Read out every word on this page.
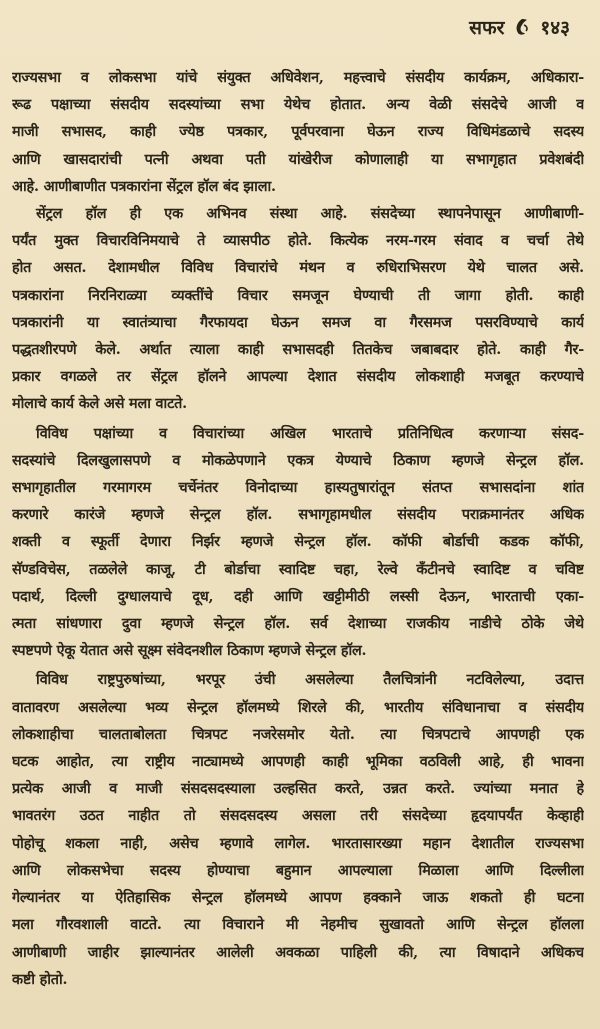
सफर १४३
राज्यसभा व लोकसभा यांचे संयुक्त अधिवेशन, महत्त्वाचे संसदीय कार्यक्रम, अधिकारा-
रूढ पक्षाच्या संसदीय सदस्यांच्या सभा येथेच होतात. अन्य वेळी संसदेचे आजी व
माजी सभासद, काही ज्येष्ठ पत्रकार, पूर्वपरवाना घेऊन राज्य विधिमंडळाचे सदस्य
आणि खासदारांची पत्नी अथवा पती यांखेरीज कोणालाही या सभागृहात प्रवेशबंदी
आहे. आणीबाणीत पत्रकारांना सेंट्रल हॉल बंद झाला.
सेंट्रल हॉल ही एक अभिनव संस्था आहे. संसदेच्या स्थापनेपासून आणीबाणी-
पर्यंत मुक्त विचारविनिमयाचे ते व्यासपीठ होते. कित्येक नरम-गरम संवाद व चर्चा तेथे
होत असत. देशामधील विविध विचारांचे मंथन व रुधिराभिसरण येथे चालत असे.
पत्रकारांना निरनिराळ्या व्यक्तींचे विचार समजून घेण्याची ती जागा होती. काही
पत्रकारांनी या स्वातंत्र्याचा गैरफायदा घेऊन समज वा गैरसमज पसरविण्याचे कार्य
पद्धतशीरपणे केले. अर्थात त्याला काही सभासदही तितकेच जबाबदार होते. काही गैर-
प्रकार वगळले तर सेंट्रल हॉलने आपल्या देशात संसदीय लोकशाही मजबूत करण्याचे
मोलाचे कार्य केले असे मला वाटते.
विविध पक्षांच्या व विचारांच्या अखिल भारताचे प्रतिनिधित्व करणाऱ्या संसद-
सदस्यांचे दिलखुलासपणे व मोकळेपणाने एकत्र येण्याचे ठिकाण म्हणजे सेन्ट्रल हॉल.
सभागृहातील गरमागरम चर्चेनंतर विनोदाच्या हास्यतुषारांतून संतप्त सभासदांना शांत
करणारे कारंजे म्हणजे सेन्ट्रल हॉल. सभागृहामधील संसदीय पराक्रमानंतर अधिक
शक्ती व स्फूर्ती देणारा निर्झर म्हणजे सेन्ट्रल हॉल. कॉफी बोर्डाची कडक कॉफी,
सॅण्डविचेस, तळलेले काजू, टी बोर्डाचा स्वादिष्ट चहा, रेल्वे कँटीनचे स्वादिष्ट व चविष्ट
पदार्थ, दिल्ली दुग्धालयाचे दूध, दही आणि खट्टीमीठी लस्सी देऊन, भारताची एका-
त्मता सांधणारा दुवा म्हणजे सेन्ट्रल हॉल. सर्व देशाच्या राजकीय नाडीचे ठोके जेथे
स्पष्टपणे ऐकू येतात असे सूक्ष्म संवेदनशील ठिकाण म्हणजे सेन्ट्रल हॉल.
विविध राष्ट्रपुरुषांच्या, भरपूर उंची असलेल्या तैलचित्रांनी नटविलेल्या, उदात्त
वातावरण असलेल्या भव्य सेन्ट्रल हॉलमध्ये शिरले की, भारतीय संविधानाचा व संसदीय
लोकशाहीचा चालताबोलता चित्रपट नजरेसमोर येतो. त्या चित्रपटाचे आपणही एक
घटक आहोत, त्या राष्ट्रीय नाट्यामध्ये आपणही काही भूमिका वठविली आहे, ही भावना
प्रत्येक आजी व माजी संसदसदस्याला उल्हसित करते, उन्नत करते. ज्यांच्या मनात हे
भावतरंग उठत नाहीत तो संसदसदस्य असला तरी संसदेच्या हृदयापर्यंत केव्हाही
पोहोचू शकला नाही, असेच म्हणावे लागेल. भारतासारख्या महान देशातील राज्यसभा
आणि लोकसभेचा सदस्य होण्याचा बहुमान आपल्याला मिळाला आणि दिल्लीला
गेल्यानंतर या ऐतिहासिक सेन्ट्रल हॉलमध्ये आपण हक्काने जाऊ शकतो ही घटना
मला गौरवशाली वाटते. त्या विचाराने मी नेहमीच सुखावतो आणि सेन्ट्रल हॉलला
आणीबाणी जाहीर झाल्यानंतर आलेली अवकळा पाहिली की, त्या विषादाने अधिकच
कष्टी होतो.
